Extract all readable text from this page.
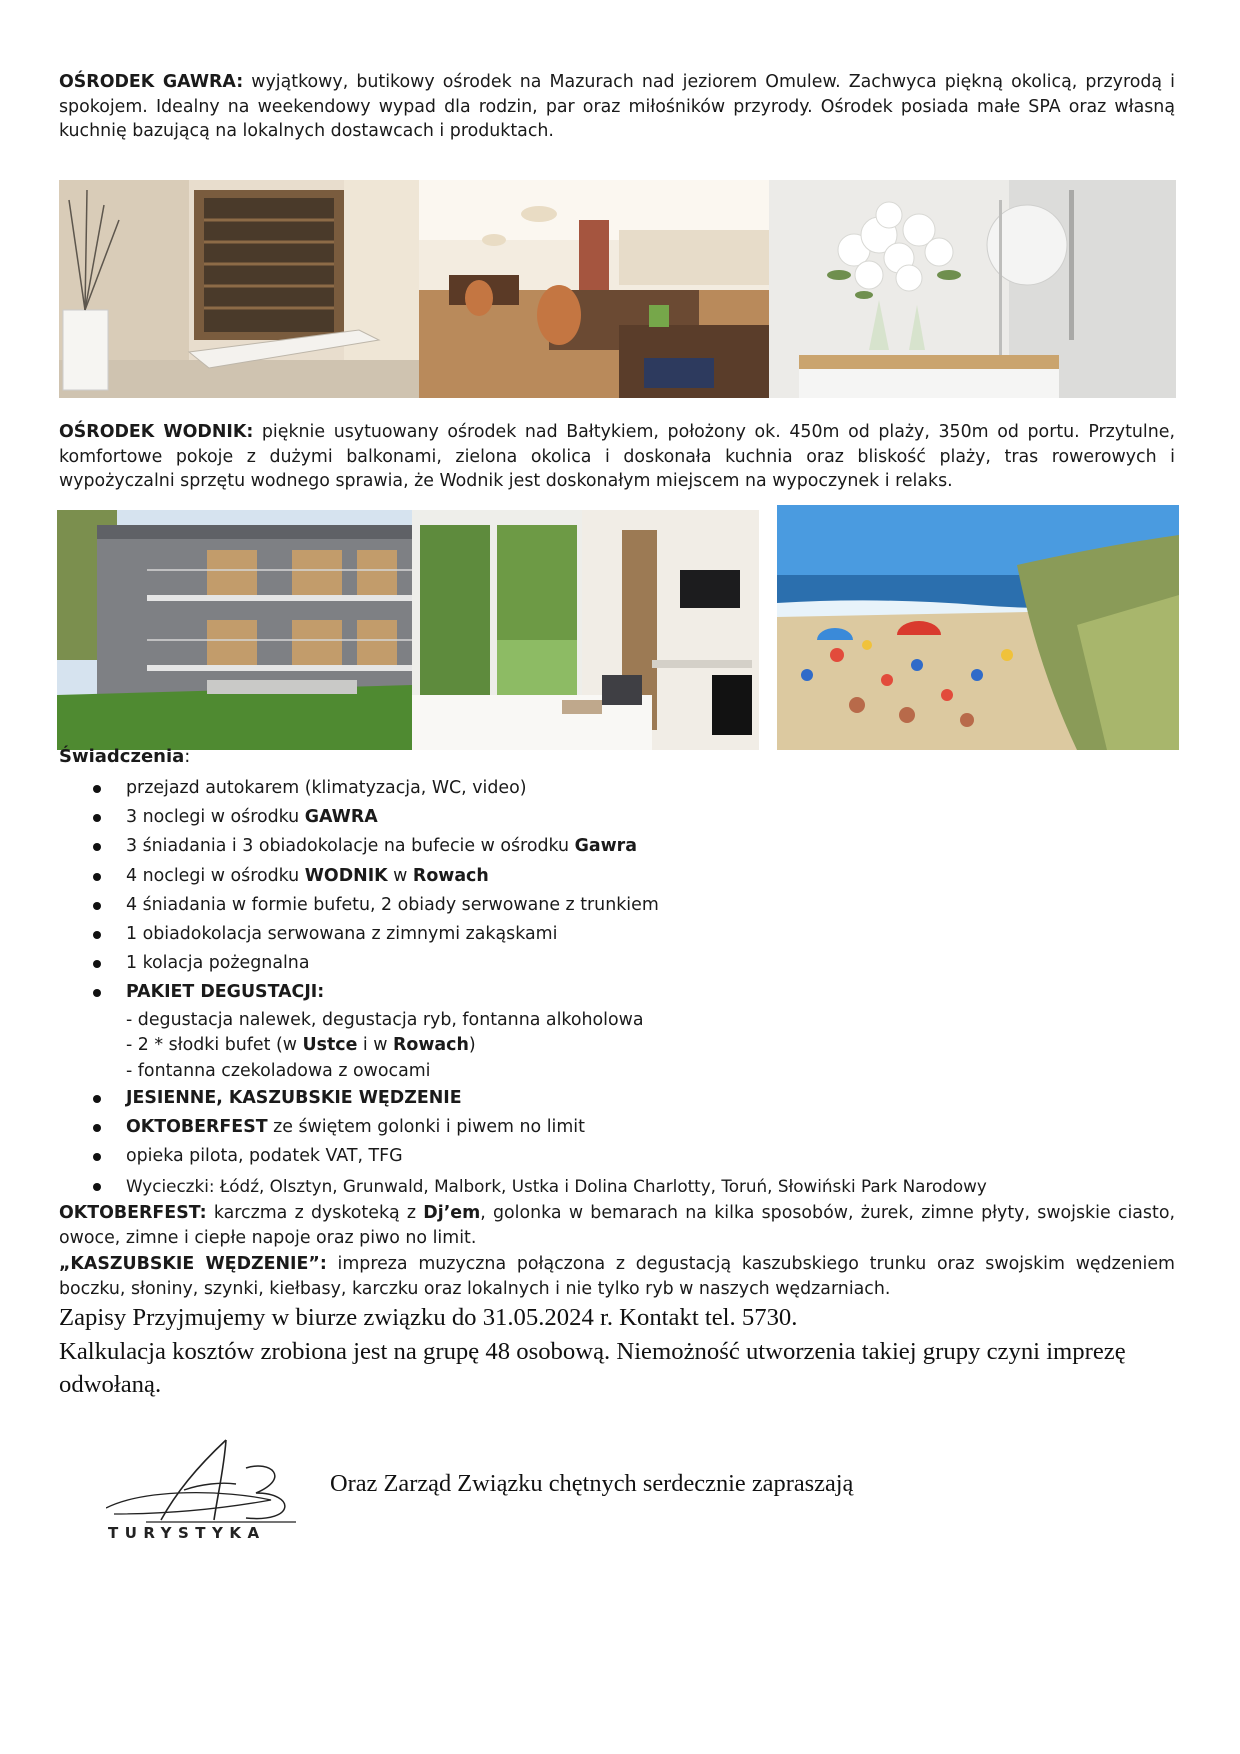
OŚRODEK GAWRA: wyjątkowy, butikowy ośrodek na Mazurach nad jeziorem Omulew. Zachwyca piękną okolicą, przyrodą i spokojem. Idealny na weekendowy wypad dla rodzin, par oraz miłośników przyrody. Ośrodek posiada małe SPA oraz własną kuchnię bazującą na lokalnych dostawcach i produktach.

OŚRODEK WODNIK: pięknie usytuowany ośrodek nad Bałtykiem, położony ok. 450m od plaży, 350m od portu. Przytulne, komfortowe pokoje z dużymi balkonami, zielona okolica i doskonała kuchnia oraz bliskość plaży, tras rowerowych i wypożyczalni sprzętu wodnego sprawia, że Wodnik jest doskonałym miejscem na wypoczynek i relaks.

Świadczenia:
przejazd autokarem (klimatyzacja, WC, video)
3 noclegi w ośrodku GAWRA
3 śniadania i 3 obiadokolacje na bufecie w ośrodku Gawra
4 noclegi w ośrodku WODNIK w Rowach
4 śniadania w formie bufetu, 2 obiady serwowane z trunkiem
1 obiadokolacja serwowana z zimnymi zakąskami
1 kolacja pożegnalna
PAKIET DEGUSTACJI:
- degustacja nalewek, degustacja ryb, fontanna alkoholowa
- 2 * słodki bufet (w Ustce i w Rowach)
- fontanna czekoladowa z owocami
JESIENNE, KASZUBSKIE WĘDZENIE
OKTOBERFEST ze świętem golonki i piwem no limit
opieka pilota, podatek VAT, TFG
Wycieczki: Łódź, Olsztyn, Grunwald, Malbork, Ustka i Dolina Charlotty, Toruń, Słowiński Park Narodowy

OKTOBERFEST: karczma z dyskoteką z Dj’em, golonka w bemarach na kilka sposobów, żurek, zimne płyty, swojskie ciasto, owoce, zimne i ciepłe napoje oraz piwo no limit.

„KASZUBSKIE WĘDZENIE”: impreza muzyczna połączona z degustacją kaszubskiego trunku oraz swojskim wędzeniem boczku, słoniny, szynki, kiełbasy, karczku oraz lokalnych i nie tylko ryb w naszych wędzarniach.

Zapisy Przyjmujemy w biurze związku do 31.05.2024 r. Kontakt tel. 5730.
Kalkulacja kosztów zrobiona jest na grupę 48 osobową. Niemożność utworzenia takiej grupy czyni imprezę odwołaną.
TURYSTYKA
Oraz Zarząd Związku chętnych serdecznie zapraszają
